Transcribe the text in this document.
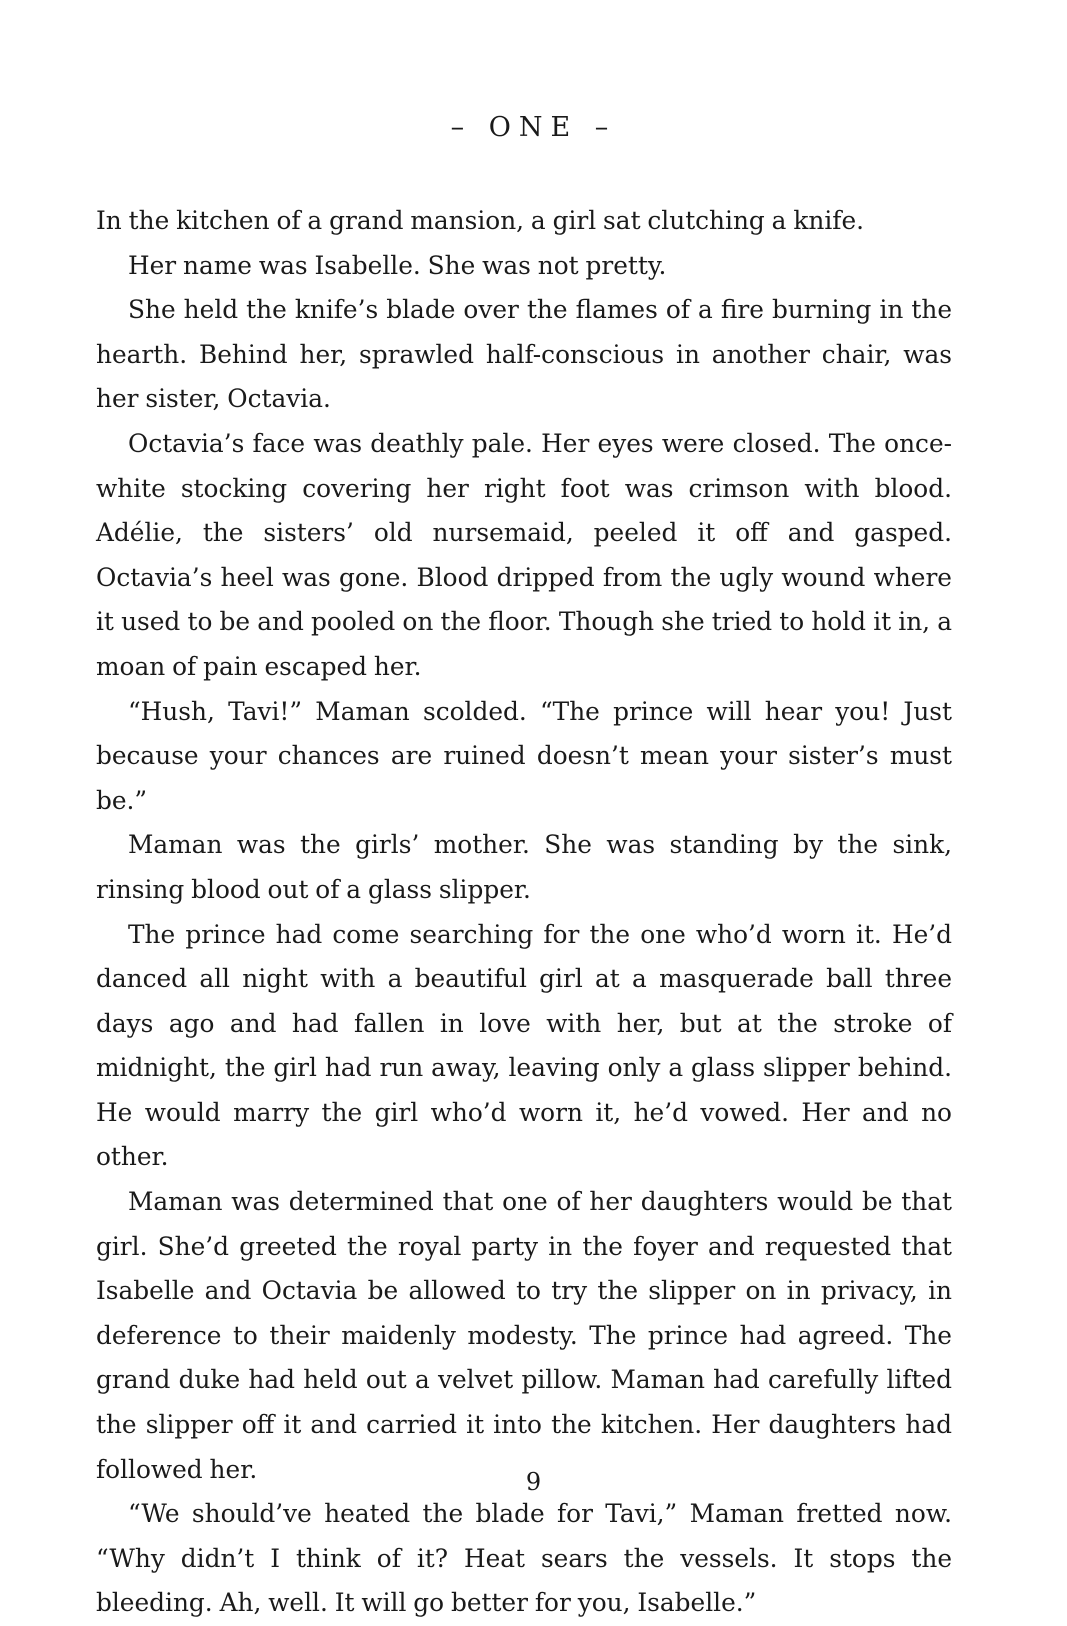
– ONE –

In the kitchen of a grand mansion, a girl sat clutching a knife.

Her name was Isabelle. She was not pretty.

She held the knife’s blade over the flames of a fire burning in the hearth. Behind her, sprawled half-conscious in another chair, was her sister, Octavia.

Octavia’s face was deathly pale. Her eyes were closed. The once-white stocking covering her right foot was crimson with blood. Adélie, the sisters’ old nursemaid, peeled it off and gasped. Octavia’s heel was gone. Blood dripped from the ugly wound where it used to be and pooled on the floor. Though she tried to hold it in, a moan of pain escaped her.

“Hush, Tavi!” Maman scolded. “The prince will hear you! Just because your chances are ruined doesn’t mean your sister’s must be.”

Maman was the girls’ mother. She was standing by the sink, rinsing blood out of a glass slipper.

The prince had come searching for the one who’d worn it. He’d danced all night with a beautiful girl at a masquerade ball three days ago and had fallen in love with her, but at the stroke of midnight, the girl had run away, leaving only a glass slipper behind. He would marry the girl who’d worn it, he’d vowed. Her and no other.

Maman was determined that one of her daughters would be that girl. She’d greeted the royal party in the foyer and requested that Isabelle and Octavia be allowed to try the slipper on in privacy, in deference to their maidenly modesty. The prince had agreed. The grand duke had held out a velvet pillow. Maman had carefully lifted the slipper off it and carried it into the kitchen. Her daughters had followed her.

“We should’ve heated the blade for Tavi,” Maman fretted now. “Why didn’t I think of it? Heat sears the vessels. It stops the bleeding. Ah, well. It will go better for you, Isabelle.”

9
